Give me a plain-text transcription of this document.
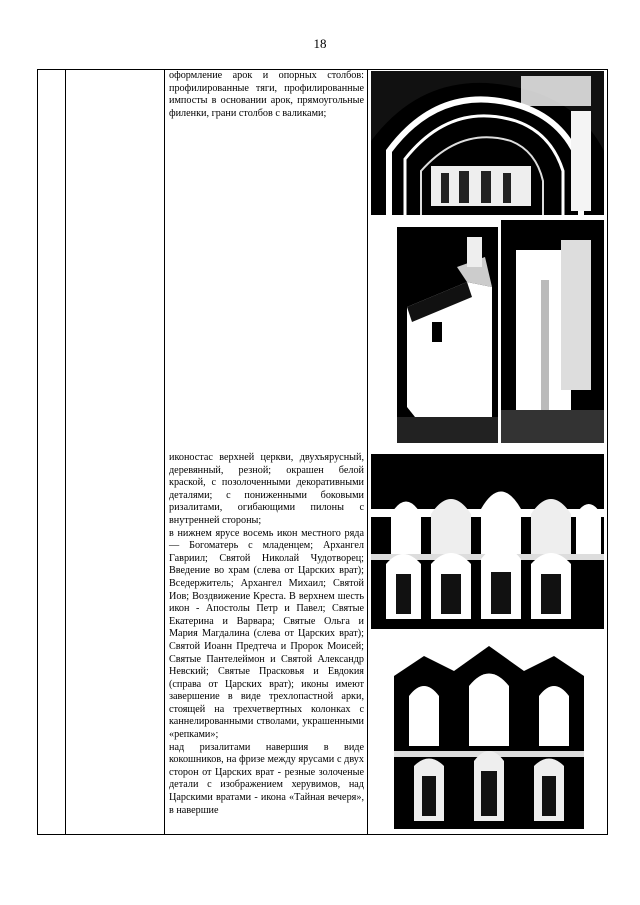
18

оформление арок и опорных столбов: профилированные тяги, профилированные импосты в основании арок, прямоугольные филенки, грани столбов с валиками;

иконостас верхней церкви, двухъярусный, деревянный, резной; окрашен белой краской, с позолоченными декоративными деталями; с пониженными боковыми ризалитами, огибающими пилоны с внутренней стороны;

в нижнем ярусе восемь икон местного ряда — Богоматерь с младенцем; Архангел Гавриил; Святой Николай Чудотворец; Введение во храм (слева от Царских врат); Вседержитель; Архангел Михаил; Святой Иов; Воздвижение Креста. В верхнем шесть икон - Апостолы Петр и Павел; Святые Екатерина и Варвара; Святые Ольга и Мария Магдалина (слева от Царских врат); Святой Иоанн Предтеча и Пророк Моисей; Святые Пантелеймон и Святой Александр Невский; Святые Прасковья и Евдокия (справа от Царских врат); иконы имеют завершение в виде трехлопастной арки, стоящей на трехчетвертных колонках с каннелированными стволами, украшенными «репками»;

над ризалитами навершия в виде кокошников, на фризе между ярусами с двух сторон от Царских врат - резные золоченые детали с изображением херувимов, над Царскими вратами - икона «Тайная вечеря», в навершие
